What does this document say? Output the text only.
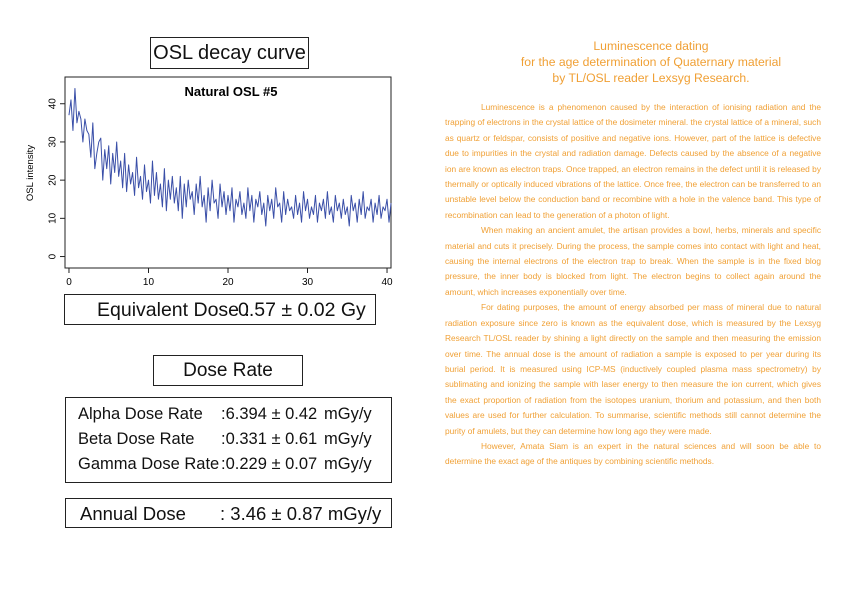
OSL decay curve
Natural OSL #5
OSL intensity
0
10
20
30
40
0	10	20	30	40
Equivalent Dose :
0.57 ± 0.02 Gy
Dose Rate
Alpha Dose Rate :6.394 ± 0.42 mGy/y
Beta Dose Rate :0.331 ± 0.61 mGy/y
Gamma Dose Rate :0.229 ± 0.07 mGy/y
Annual Dose : 3.46 ± 0.87 mGy/y

Luminescence dating

for the age determination of Quaternary material

by TL/OSL reader Lexsyg Research.

Luminescence is a phenomenon caused by the interaction of ionising radiation and the trapping of electrons in the crystal lattice of the dosimeter mineral. the crystal lattice of a mineral, such as quartz or feldspar, consists of positive and negative ions. However, part of the lattice is defective due to impurities in the crystal and radiation damage. Defects caused by the absence of a negative ion are known as electron traps. Once trapped, an electron remains in the defect until it is released by thermally or optically induced vibrations of the lattice. Once free, the electron can be transferred to an unstable level below the conduction band or recombine with a hole in the valence band. This type of recombination can lead to the generation of a photon of light.

When making an ancient amulet, the artisan provides a bowl, herbs, minerals and specific material and cuts it precisely. During the process, the sample comes into contact with light and heat, causing the internal electrons of the electron trap to break. When the sample is in the fixed blog pressure, the inner body is blocked from light. The electron begins to collect again around the amount, which increases exponentially over time.

For dating purposes, the amount of energy absorbed per mass of mineral due to natural radiation exposure since zero is known as the equivalent dose, which is measured by the Lexsyg Research TL/OSL reader by shining a light directly on the sample and then measuring the emission over time. The annual dose is the amount of radiation a sample is exposed to per year during its burial period. It is measured using ICP-MS (inductively coupled plasma mass spectrometry) by sublimating and ionizing the sample with laser energy to then measure the ion current, which gives the exact proportion of radiation from the isotopes uranium, thorium and potassium, and then both values are used for further calculation. To summarise, scientific methods still cannot determine the purity of amulets, but they can determine how long ago they were made.

However, Amata Siam is an expert in the natural sciences and will soon be able to determine the exact age of the antiques by combining scientific methods.
